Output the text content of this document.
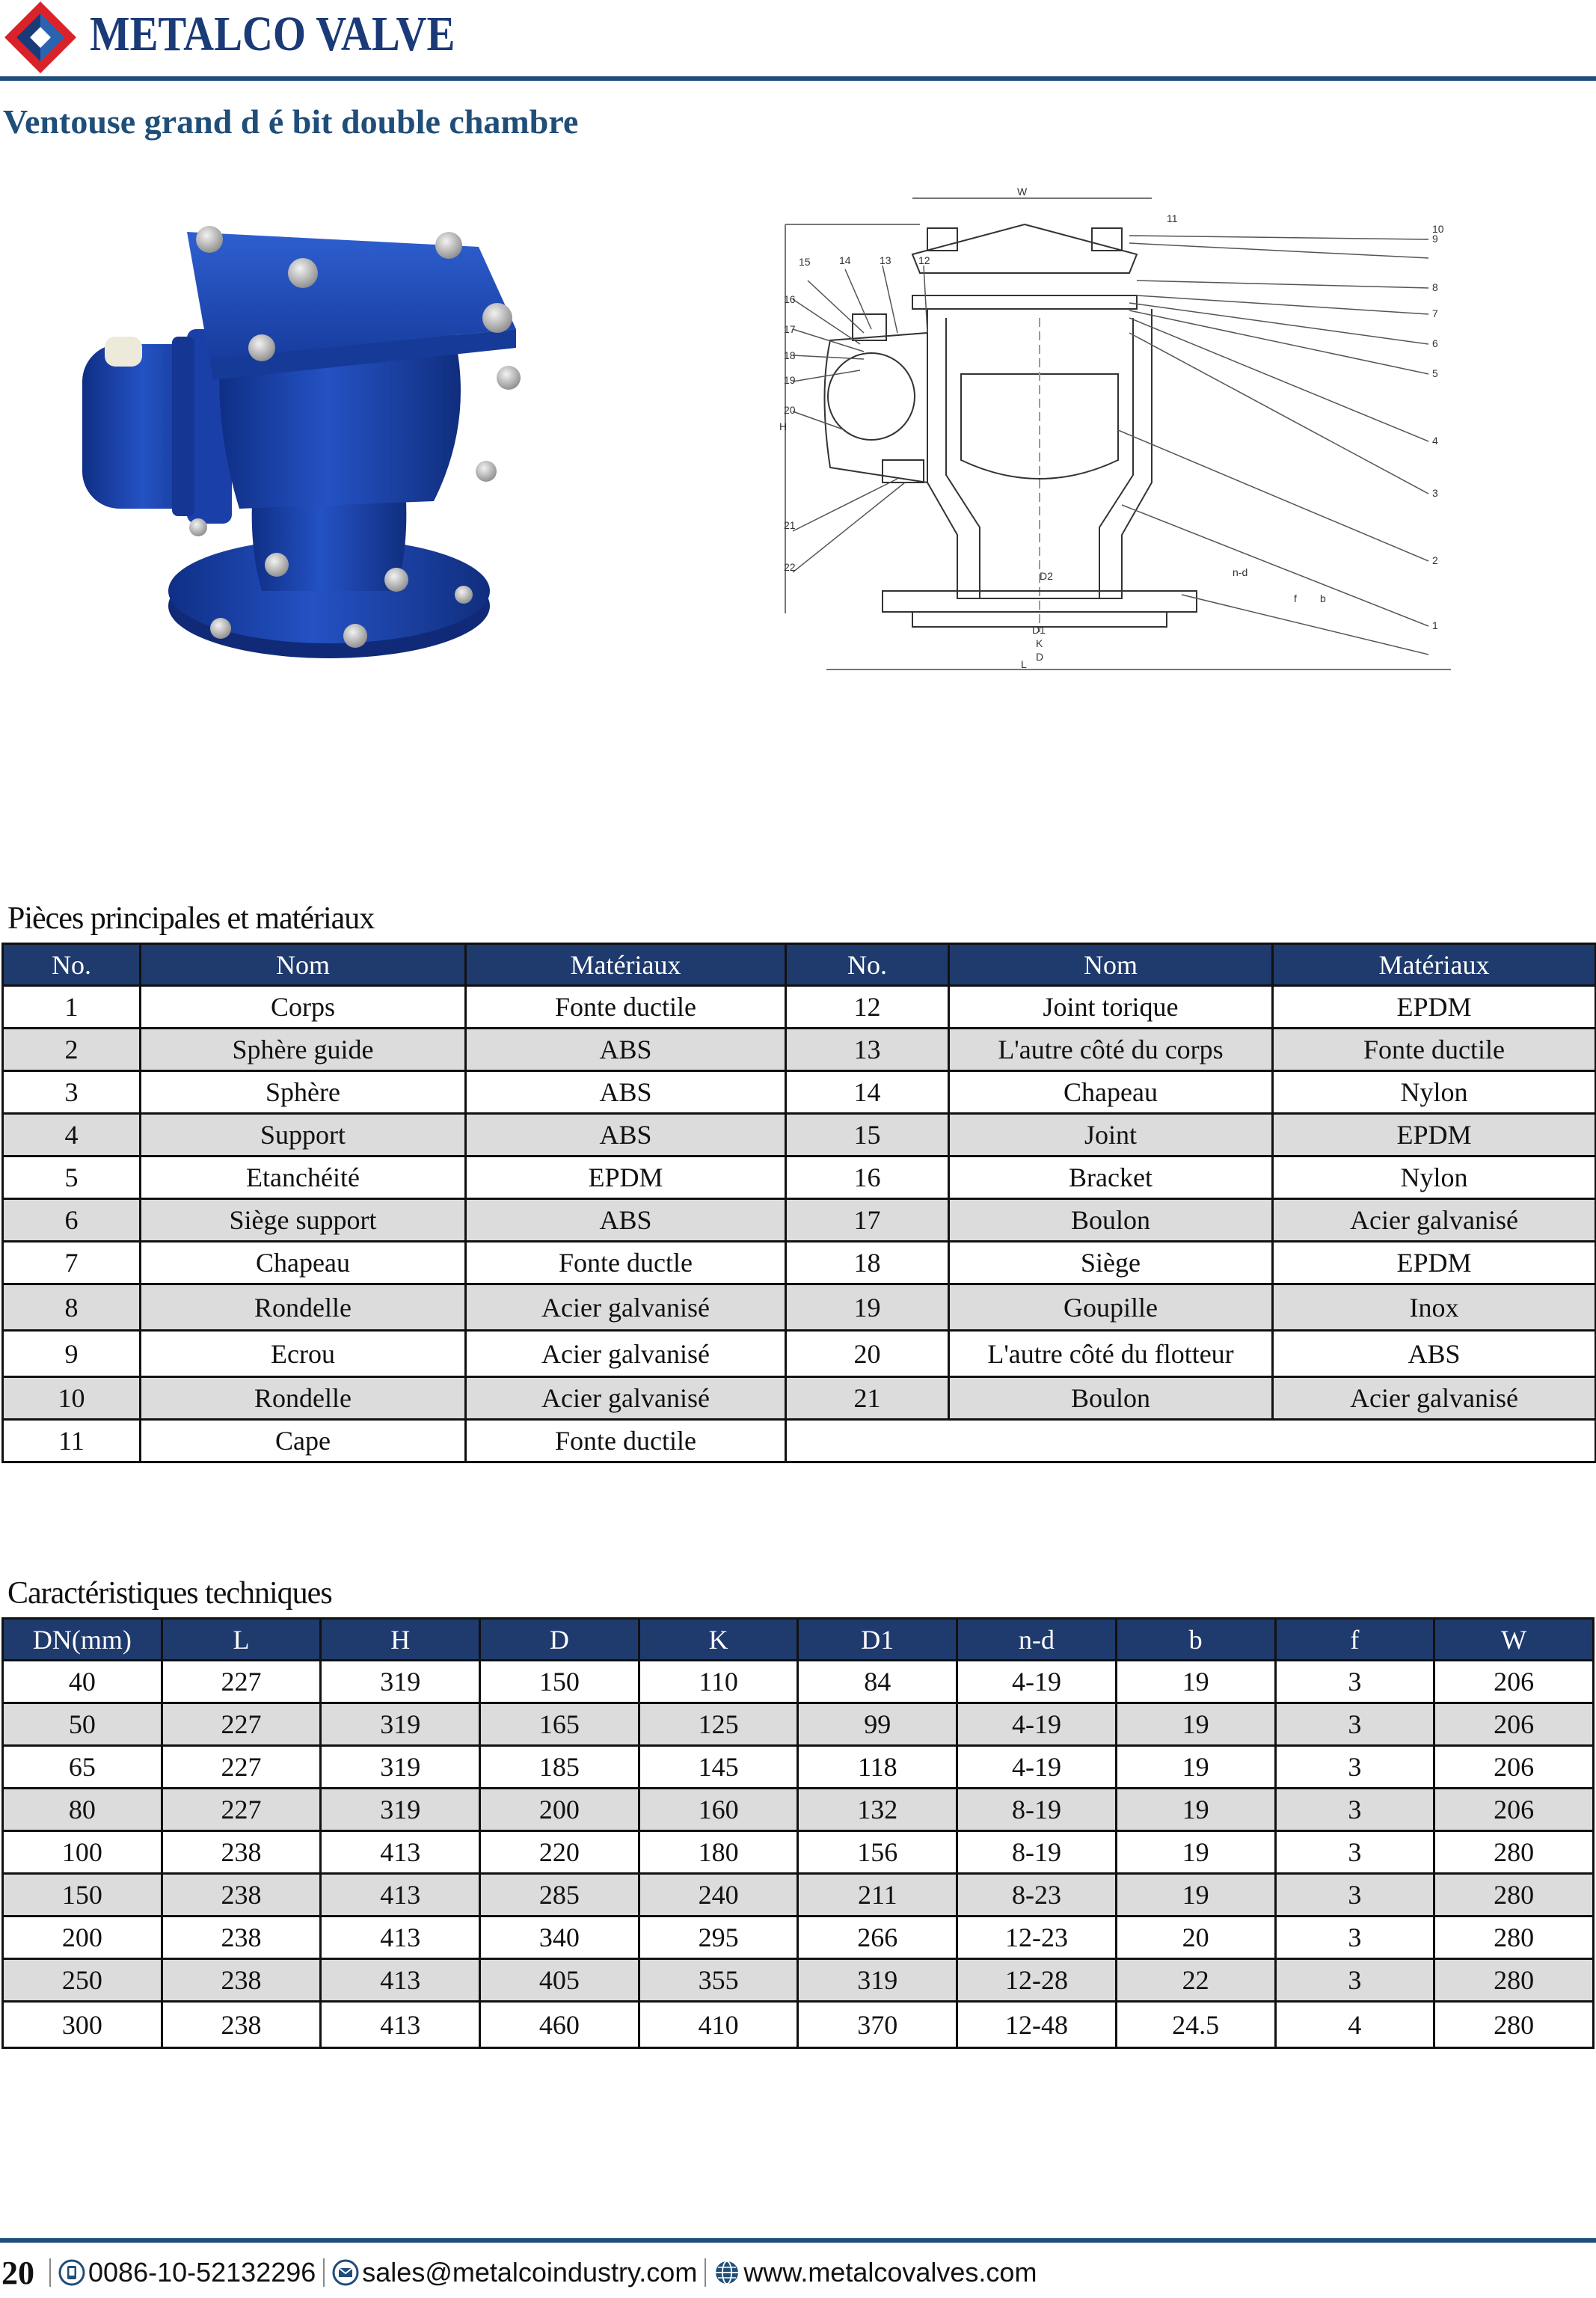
METALCO VALVE
Ventouse grand d é bit double chambre
9
10
8
7
6
5
4
3
2
1
15	14	13	12
16
17
18
19
20
21
22
11
W
H
L
D
K
D1
D2	n-d
b
f
Pièces principales et matériaux
No.	Nom	Matériaux	No.	Nom	Matériaux
1	Corps	Fonte ductile	12	Joint torique	EPDM
2	Sphère guide	ABS	13	L'autre côté du corps	Fonte ductile
3	Sphère	ABS	14	Chapeau	Nylon
4	Support	ABS	15	Joint	EPDM
5	Etanchéité	EPDM	16	Bracket	Nylon
6	Siège support	ABS	17	Boulon	Acier galvanisé
7	Chapeau	Fonte ductle	18	Siège	EPDM
8	Rondelle	Acier galvanisé	19	Goupille	Inox
9	Ecrou	Acier galvanisé	20	L'autre côté du flotteur	ABS
10	Rondelle	Acier galvanisé	21	Boulon	Acier galvanisé
11	Cape	Fonte ductile			
Caractéristiques techniques
DN(mm)	L	H	D	K	D1	n-d	b	f	W
40	227	319	150	110	84	4-19	19	3	206
50	227	319	165	125	99	4-19	19	3	206
65	227	319	185	145	118	4-19	19	3	206
80	227	319	200	160	132	8-19	19	3	206
100	238	413	220	180	156	8-19	19	3	280
150	238	413	285	240	211	8-23	19	3	280
200	238	413	340	295	266	12-23	20	3	280
250	238	413	405	355	319	12-28	22	3	280
300	238	413	460	410	370	12-48	24.5	4	280
20 0086-10-52132296 sales@metalcoindustry.com www.metalcovalves.com
